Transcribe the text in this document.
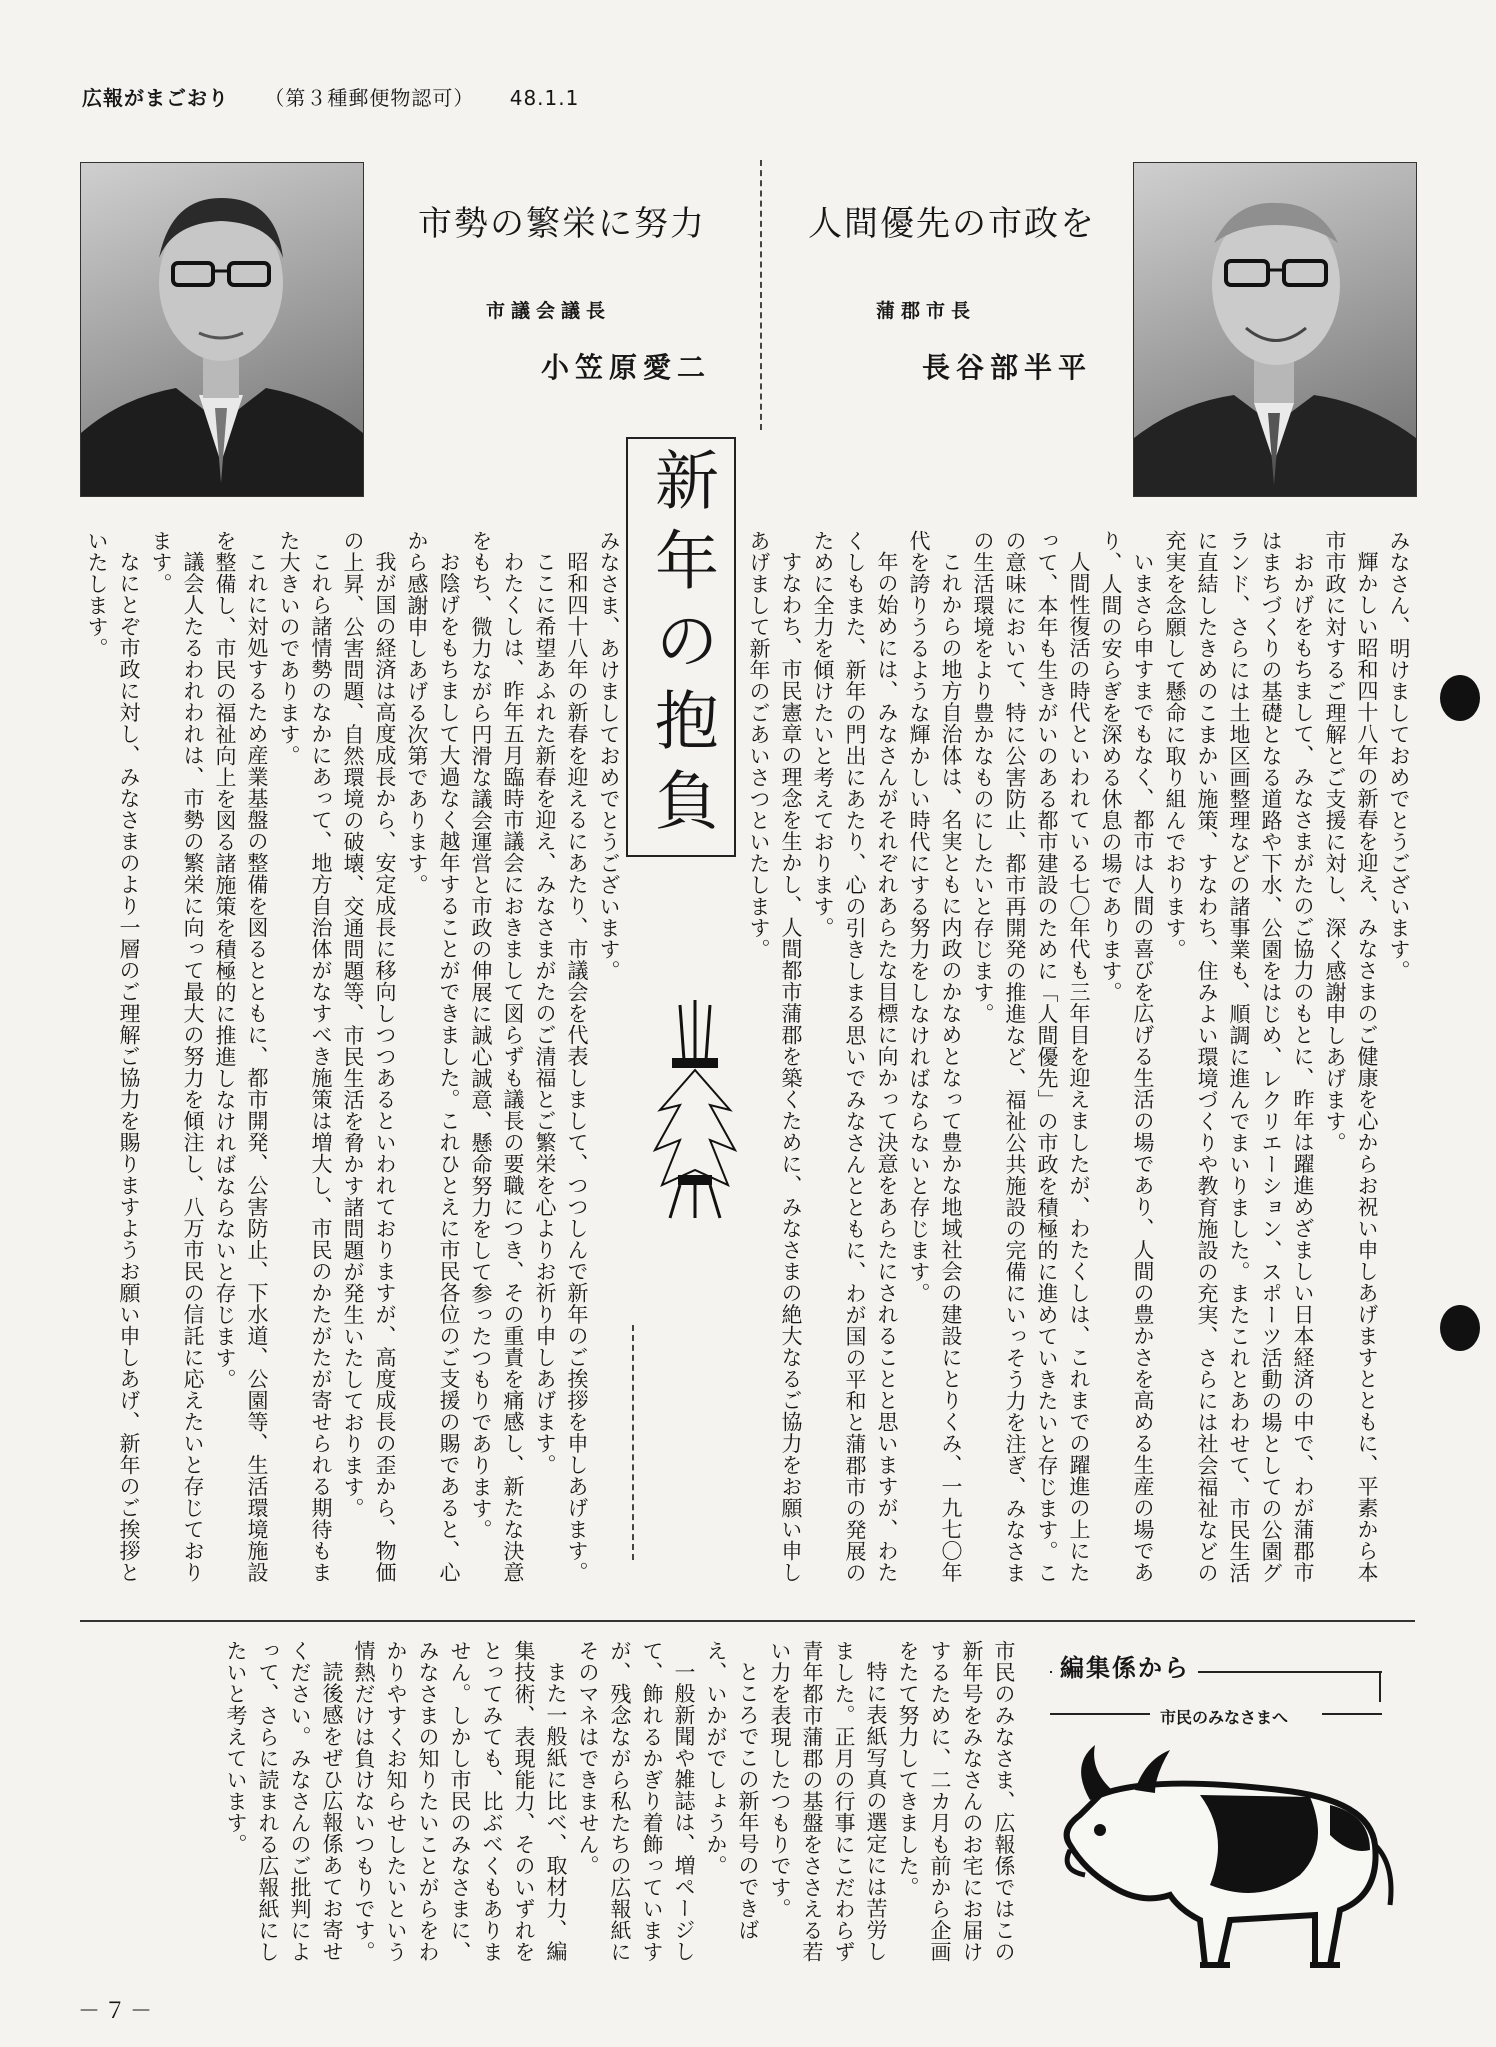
広報がまごおり （第３種郵便物認可） 48.1.1
市勢の繁栄に努力
市議会議長
小笠原愛二
人間優先の市政を
蒲郡市長
長谷部半平
新年の抱負

みなさま、あけましておめでとうございます。

昭和四十八年の新春を迎えるにあたり、市議会を代表しまして、つつしんで新年のご挨拶を申しあげます。

ここに希望あふれた新春を迎え、みなさまがたのご清福とご繁栄を心よりお祈り申しあげます。

わたくしは、昨年五月臨時市議会におきまして図らずも議長の要職につき、その重責を痛感し、新たな決意をもち、微力ながら円滑な議会運営と市政の伸展に誠心誠意、懸命努力をして参ったつもりであります。

お陰げをもちまして大過なく越年することができました。これひとえに市民各位のご支援の賜であると、心から感謝申しあげる次第であります。

我が国の経済は高度成長から、安定成長に移向しつつあるといわれておりますが、高度成長の歪から、物価の上昇、公害問題、自然環境の破壊、交通問題等、市民生活を脅かす諸問題が発生いたしております。

これら諸情勢のなかにあって、地方自治体がなすべき施策は増大し、市民のかたがたが寄せられる期待もまた大きいのであります。

これに対処するため産業基盤の整備を図るとともに、都市開発、公害防止、下水道、公園等、生活環境施設を整備し、市民の福祉向上を図る諸施策を積極的に推進しなければならないと存じます。

議会人たるわれわれは、市勢の繁栄に向って最大の努力を傾注し、八万市民の信託に応えたいと存じております。

なにとぞ市政に対し、みなさまのより一層のご理解ご協力を賜りますようお願い申しあげ、新年のご挨拶といたします。	みなさん、明けましておめでとうございます。

輝かしい昭和四十八年の新春を迎え、みなさまのご健康を心からお祝い申しあげますとともに、平素から本市市政に対するご理解とご支援に対し、深く感謝申しあげます。

おかげをもちまして、みなさまがたのご協力のもとに、昨年は躍進めざましい日本経済の中で、わが蒲郡市はまちづくりの基礎となる道路や下水、公園をはじめ、レクリエーション、スポーツ活動の場としての公園グランド、さらには土地区画整理などの諸事業も、順調に進んでまいりました。またこれとあわせて、市民生活に直結したきめのこまかい施策、すなわち、住みよい環境づくりや教育施設の充実、さらには社会福祉などの充実を念願して懸命に取り組んでおります。

いまさら申すまでもなく、都市は人間の喜びを広げる生活の場であり、人間の豊かさを高める生産の場であり、人間の安らぎを深める休息の場であります。

人間性復活の時代といわれている七〇年代も三年目を迎えましたが、わたくしは、これまでの躍進の上にたって、本年も生きがいのある都市建設のために「人間優先」の市政を積極的に進めていきたいと存じます。この意味において、特に公害防止、都市再開発の推進など、福祉公共施設の完備にいっそう力を注ぎ、みなさまの生活環境をより豊かなものにしたいと存じます。

これからの地方自治体は、名実ともに内政のかなめとなって豊かな地域社会の建設にとりくみ、一九七〇年代を誇りうるような輝かしい時代にする努力をしなければならないと存じます。

年の始めには、みなさんがそれぞれあらたな目標に向かって決意をあらたにされることと思いますが、わたくしもまた、新年の門出にあたり、心の引きしまる思いでみなさんとともに、わが国の平和と蒲郡市の発展のために全力を傾けたいと考えております。

すなわち、市民憲章の理念を生かし、人間都市蒲郡を築くために、みなさまの絶大なるご協力をお願い申しあげまして新年のごあいさつといたします。

編集係から
市民のみなさまへ

市民のみなさま、広報係ではこの新年号をみなさんのお宅にお届けするために、二カ月も前から企画をたて努力してきました。

特に表紙写真の選定には苦労しました。正月の行事にこだわらず青年都市蒲郡の基盤をささえる若い力を表現したつもりです。

ところでこの新年号のできばえ、いかがでしょうか。

一般新聞や雑誌は、増ページして、飾れるかぎり着飾っていますが、残念ながら私たちの広報紙にそのマネはできません。

また一般紙に比べ、取材力、編集技術、表現能力、そのいずれをとってみても、比ぶべくもありません。しかし市民のみなさまに、みなさまの知りたいことがらをわかりやすくお知らせしたいという情熱だけは負けないつもりです。

読後感をぜひ広報係あてお寄せください。みなさんのご批判によって、さらに読まれる広報紙にしたいと考えています。

－７－
